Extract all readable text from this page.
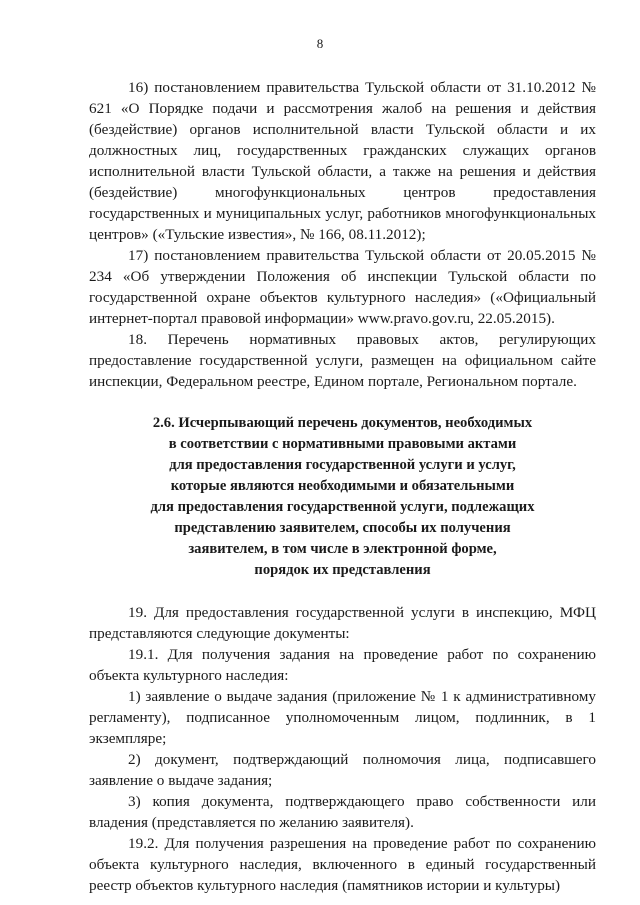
8

16) постановлением правительства Тульской области от 31.10.2012 № 621 «О Порядке подачи и рассмотрения жалоб на решения и действия (бездействие) органов исполнительной власти Тульской области и их должностных лиц, государственных гражданских служащих органов исполнительной власти Тульской области, а также на решения и действия (бездействие) многофункциональных центров предоставления государственных и муниципальных услуг, работников многофункциональных центров» («Тульские известия», № 166, 08.11.2012);

17) постановлением правительства Тульской области от 20.05.2015 № 234 «Об утверждении Положения об инспекции Тульской области по государственной охране объектов культурного наследия» («Официальный интернет-портал правовой информации» www.pravo.gov.ru, 22.05.2015).

18. Перечень нормативных правовых актов, регулирующих предоставление государственной услуги, размещен на официальном сайте инспекции, Федеральном реестре, Едином портале, Региональном портале.

2.6. Исчерпывающий перечень документов, необходимых
в соответствии с нормативными правовыми актами
для предоставления государственной услуги и услуг,
которые являются необходимыми и обязательными
для предоставления государственной услуги, подлежащих
представлению заявителем, способы их получения
заявителем, в том числе в электронной форме,
порядок их представления

19. Для предоставления государственной услуги в инспекцию, МФЦ представляются следующие документы:

19.1. Для получения задания на проведение работ по сохранению объекта культурного наследия:

1) заявление о выдаче задания (приложение № 1 к административному регламенту), подписанное уполномоченным лицом, подлинник, в 1 экземпляре;

2) документ, подтверждающий полномочия лица, подписавшего заявление о выдаче задания;

3) копия документа, подтверждающего право собственности или владения (представляется по желанию заявителя).

19.2. Для получения разрешения на проведение работ по сохранению объекта культурного наследия, включенного в единый государственный реестр объектов культурного наследия (памятников истории и культуры)
